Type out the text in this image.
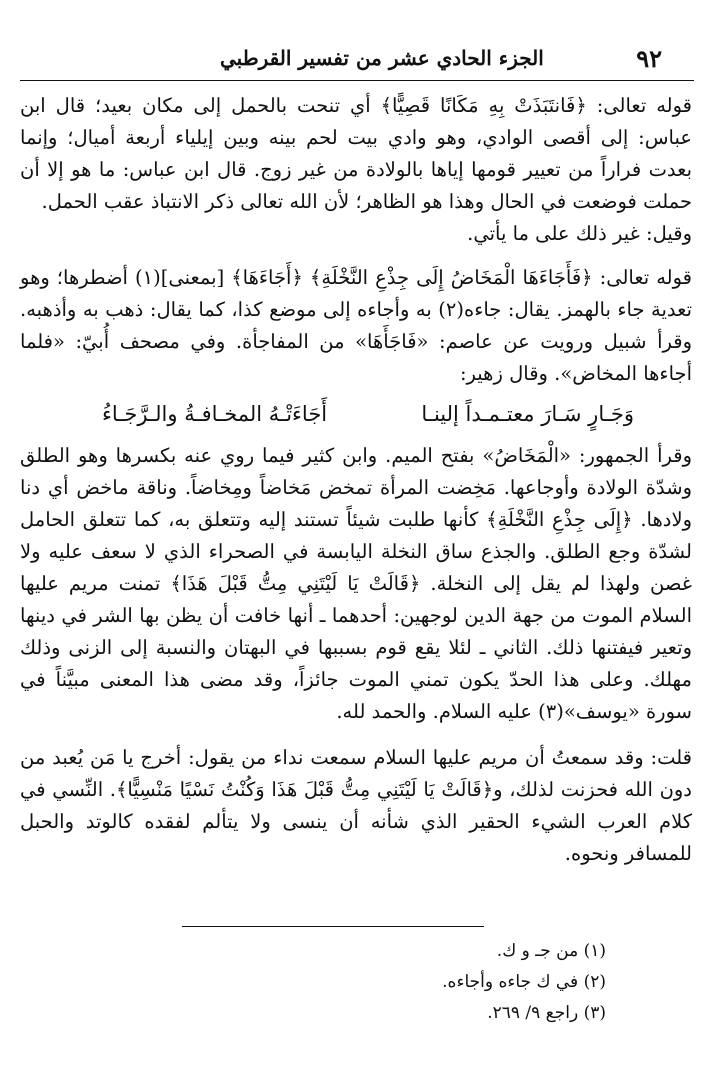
الجزء الحادي عشر من تفسير القرطبي	٩٢

قوله تعالى: ﴿فَانتَبَذَتْ بِهِ مَكَانًا قَصِيًّا﴾ أي تنحت بالحمل إلى مكان بعيد؛ قال ابن عباس: إلى أقصى الوادي، وهو وادي بيت لحم بينه وبين إيلياء أربعة أميال؛ وإنما بعدت فراراً من تعيير قومها إياها بالولادة من غير زوج. قال ابن عباس: ما هو إلا أن حملت فوضعت في الحال وهذا هو الظاهر؛ لأن الله تعالى ذكر الانتباذ عقب الحمل.

وقيل: غير ذلك على ما يأتي.

قوله تعالى: ﴿فَأَجَاءَهَا الْمَخَاضُ إِلَى جِذْعِ النَّخْلَةِ﴾ ﴿أَجَاءَهَا﴾ [بمعنى](١) أضطرها؛ وهو تعدية جاء بالهمز. يقال: جاءه(٢) به وأجاءه إلى موضع كذا، كما يقال: ذهب به وأذهبه. وقرأ شبيل ورويت عن عاصم: «فَاجَأَهَا» من المفاجأة. وفي مصحف أُبيّ: «فلما أجاءها المخاض». وقال زهير:

وَجَـارٍ سَـارَ معتـمـداً إلينـا
أَجَاءَتْـهُ المخـافـةُ والـرَّجَـاءُ

وقرأ الجمهور: «الْمَخَاضُ» بفتح الميم. وابن كثير فيما روي عنه بكسرها وهو الطلق وشدّة الولادة وأوجاعها. مَخِضت المرأة تمخض مَخاضاً ومِخاضاً. وناقة ماخض أي دنا ولادها. ﴿إِلَى جِذْعِ النَّخْلَةِ﴾ كأنها طلبت شيئاً تستند إليه وتتعلق به، كما تتعلق الحامل لشدّة وجع الطلق. والجذع ساق النخلة اليابسة في الصحراء الذي لا سعف عليه ولا غصن ولهذا لم يقل إلى النخلة. ﴿قَالَتْ يَا لَيْتَنِي مِتُّ قَبْلَ هَذَا﴾ تمنت مريم عليها السلام الموت من جهة الدين لوجهين: أحدهما ـ أنها خافت أن يظن بها الشر في دينها وتعير فيفتنها ذلك. الثاني ـ لئلا يقع قوم بسببها في البهتان والنسبة إلى الزنى وذلك مهلك. وعلى هذا الحدّ يكون تمني الموت جائزاً، وقد مضى هذا المعنى مبيَّناً في سورة «يوسف»(٣) عليه السلام. والحمد لله.

قلت: وقد سمعتُ أن مريم عليها السلام سمعت نداء من يقول: أخرج يا مَن يُعبد من دون الله فحزنت لذلك، و﴿قَالَتْ يَا لَيْتَنِي مِتُّ قَبْلَ هَذَا وَكُنْتُ نَسْيًا مَنْسِيًّا﴾. النِّسي في كلام العرب الشيء الحقير الذي شأنه أن ينسى ولا يتألم لفقده كالوتد والحبل للمسافر ونحوه.

(١) من جـ و ك.

(٢) في ك جاءه وأجاءه.

(٣) راجع ٩/ ٢٦٩.
